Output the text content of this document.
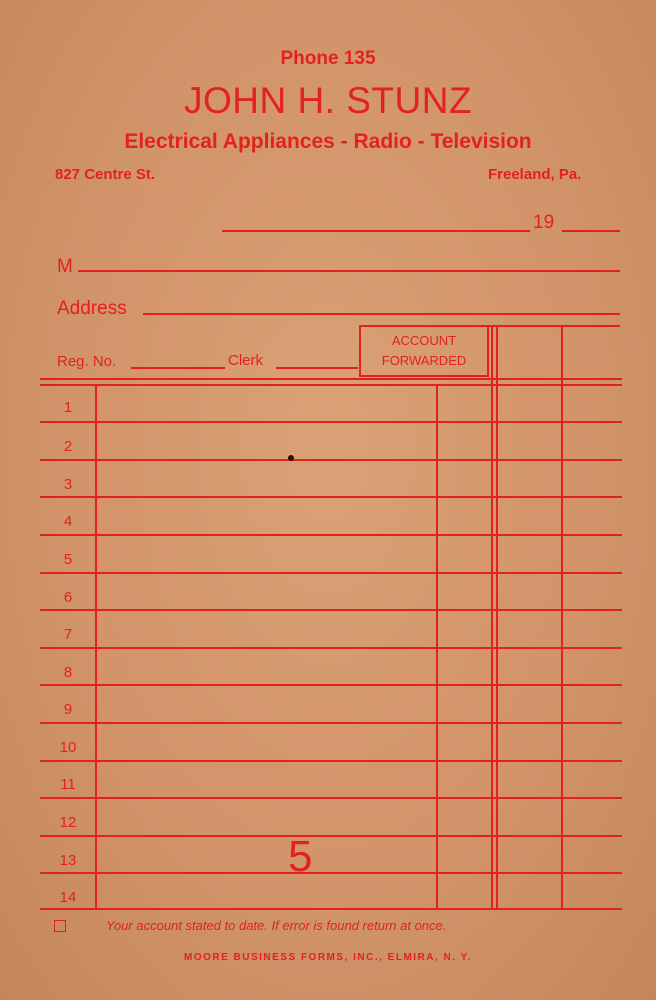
Phone 135
JOHN H. STUNZ
Electrical Appliances - Radio - Television
827 Centre St.	Freeland, Pa.
19
M
Address
Reg. No.	Clerk
ACCOUNT
FORWARDED
1
2
3
4
5
6
7
8
9
10
11
12
13
14
5
Your account stated to date. If error is found return at once.
MOORE BUSINESS FORMS, INC., ELMIRA, N. Y.
